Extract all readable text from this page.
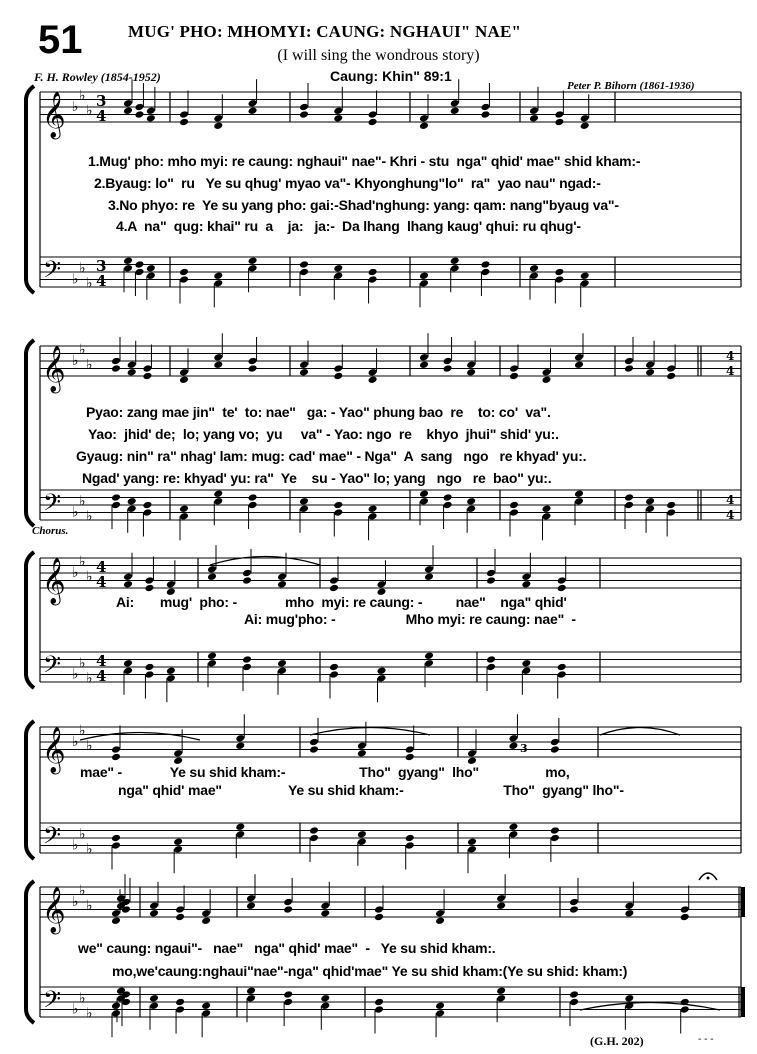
51	MUG' PHO: MHOMYI: CAUNG: NGHAUI" NAE"
(I will sing the wondrous story)
F. H. Rowley (1854-1952)	Caung: Khin" 89:1
Peter P. Bihorn (1861-1936)
𝄞 ♭
♭
♭
3
4
𝄢 ♭
♭
♭
3
4
𝄞 ♭
♭
♭
4
4
𝄢 ♭
♭
♭
4
4
𝄞 ♭
♭
♭
4
4
𝄢 ♭
♭
♭
4
4
𝄞 ♭
♭
♭
𝄢 ♭
♭
♭
𝄞 ♭
♭
♭
𝄢 ♭
♭
♭
3
1.Mug' pho: mho myi: re caung: nghaui" nae"- Khri - stu  nga" qhid' mae" shid kham:-
2.Byaug: lo"  ru   Ye su qhug' myao va"- Khyonghung"lo"  ra"  yao nau" ngad:-
3.No phyo: re  Ye su yang pho: gai:-Shad'nghung: yang: qam: nang"byaug va"-
4.A  na"  qug: khai" ru  a    ja:   ja:-  Da lhang  lhang kaug' qhui: ru qhug'-
Pyao: zang mae jin"  te'  to: nae"   ga: - Yao" phung bao  re    to: co'  va".
Yao:  jhid' de;  lo; yang vo;  yu     va" - Yao: ngo  re    khyo  jhui" shid' yu:.
Gyaug: nin" ra" nhag' lam: mug: cad' mae" - Nga"  A  sang   ngo   re khyad' yu:.
Ngad' yang: re: khyad' yu: ra"  Ye    su - Yao" lo; yang   ngo   re  bao" yu:.
Chorus.
Ai:       mug'  pho: -             mho  myi: re caung: -         nae"    nga" qhid'
Ai: mug'pho: -                   Mho myi: re caung: nae"  -
mae" -             Ye su shid kham:-                    Tho"  gyang"  lho"                  mo,
nga" qhid' mae"                  Ye su shid kham:-                           Tho"  gyang" lho"-
we" caung: ngaui"-   nae"   nga" qhid' mae"  -   Ye su shid kham:.
mo,we'caung:nghaui"nae"-nga" qhid'mae" Ye su shid kham:(Ye su shid: kham:)
(G.H. 202)	- - -
